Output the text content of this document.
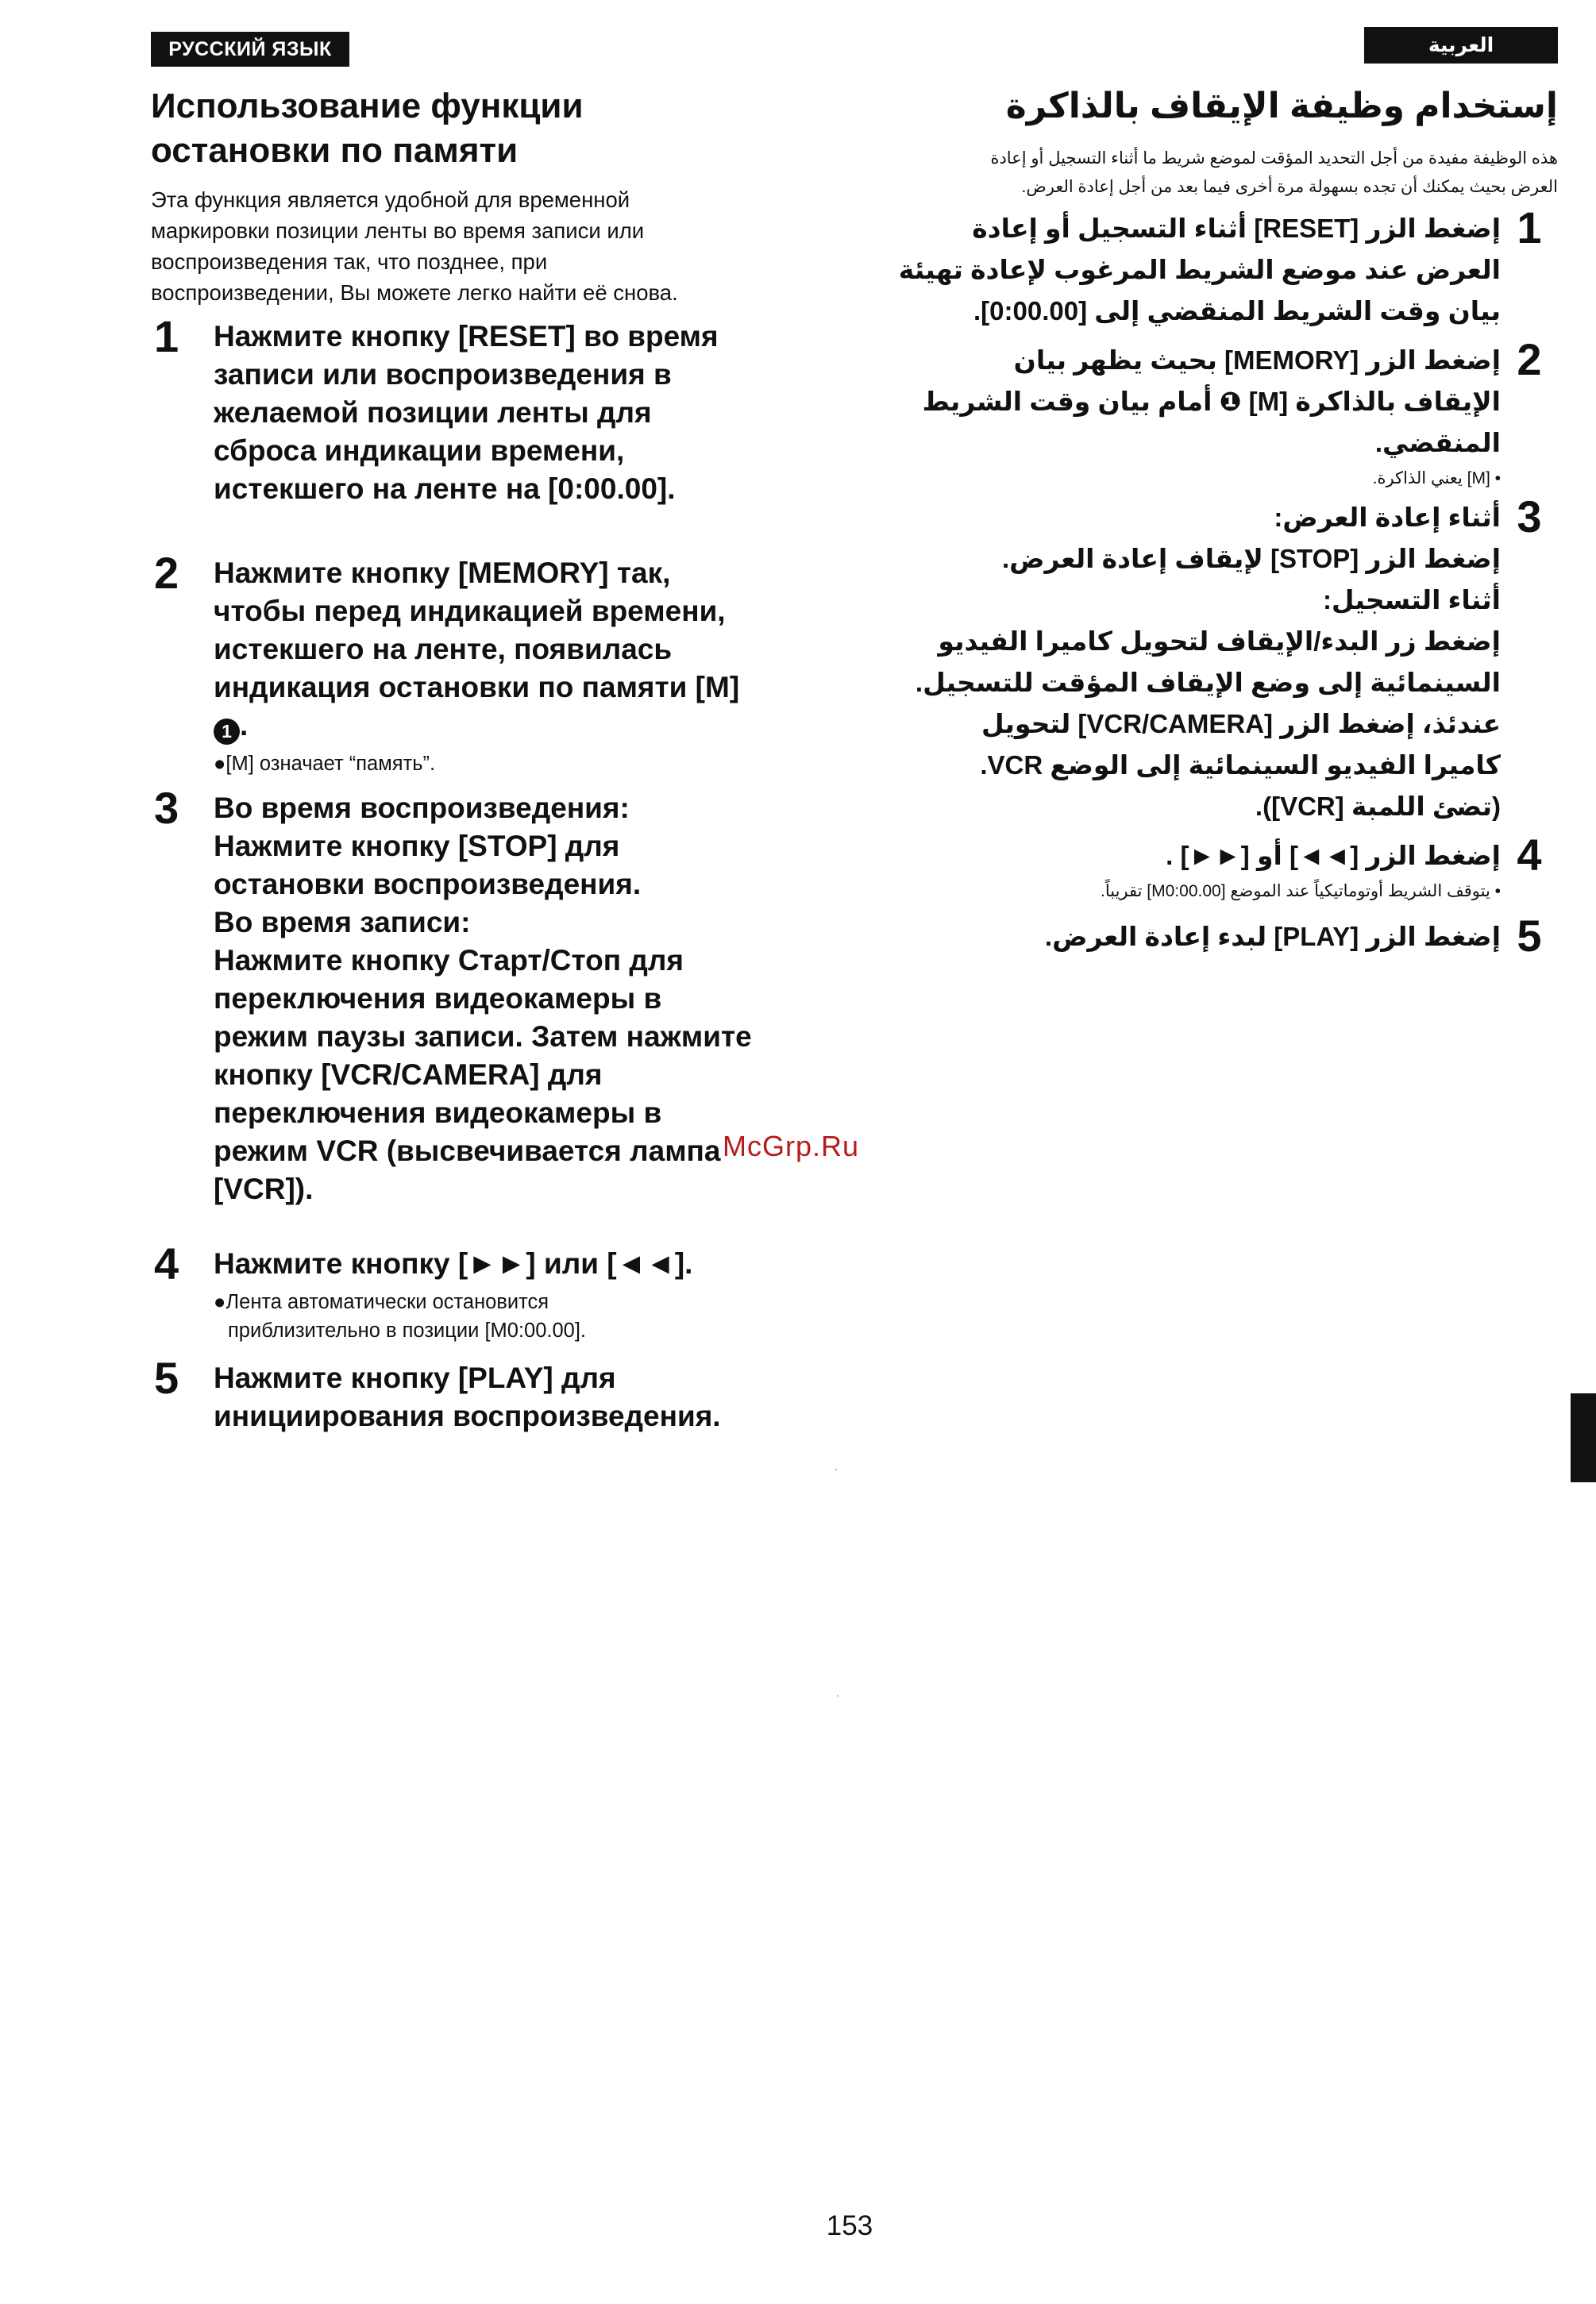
РУССКИЙ ЯЗЫК	العربية
Использование функции
остановки по памяти
Эта функция является удобной для временной
маркировки позиции ленты во время записи или
воспроизведения так, что позднее, при
воспроизведении, Вы можете легко найти её снова.
1	Нажмите кнопку [RESET] во время
записи или воспроизведения в
желаемой позиции ленты для
сброса индикации времени,
истекшего на ленте на [0:00.00].
2	Нажмите кнопку [MEMORY] так,
чтобы перед индикацией времени,
истекшего на ленте, появилась
индикация остановки по памяти [M]
1 .
●[M] означает “память”.
3	Во время воспроизведения:
Нажмите кнопку [STOP] для
остановки воспроизведения.
Во время записи:
Нажмите кнопку Старт/Стоп для
переключения видеокамеры в
режим паузы записи. Затем нажмите
кнопку [VCR/CAMERA] для
переключения видеокамеры в
режим VCR (высвечивается лампа
[VCR]).
4	Нажмите кнопку [►►] или [◄◄].
●Лента автоматически остановится
приблизительно в позиции [M0:00.00].
5	Нажмите кнопку [PLAY] для
инициирования воспроизведения.
إستخدام وظيفة الإيقاف بالذاكرة
هذه الوظيفة مفيدة من أجل التحديد المؤقت لموضع شريط ما أثناء التسجيل أو إعادة
العرض بحيث يمكنك أن تجده بسهولة مرة أخرى فيما بعد من أجل إعادة العرض.
1
إضغط الزر [RESET] أثناء التسجيل أو إعادة
العرض عند موضع الشريط المرغوب لإعادة تهيئة
بيان وقت الشريط المنقضي إلى [0:00.00].
2
إضغط الزر [MEMORY] بحيث يظهر بيان
الإيقاف بالذاكرة [M] ❶ أمام بيان وقت الشريط
المنقضي.
• [M] يعني الذاكرة.
3
أثناء إعادة العرض:
إضغط الزر [STOP] لإيقاف إعادة العرض.
أثناء التسجيل:
إضغط زر البدء/الإيقاف لتحويل كاميرا الفيديو
السينمائية إلى وضع الإيقاف المؤقت للتسجيل.
عندئذ، إضغط الزر [VCR/CAMERA] لتحويل
كاميرا الفيديو السينمائية إلى الوضع VCR.
(تضئ اللمبة [VCR]).
4
إضغط الزر [◄◄] أو [►►] .
• يتوقف الشريط أوتوماتيكياً عند الموضع [M0:00.00] تقريباً.
5
إضغط الزر [PLAY] لبدء إعادة العرض.
McGrp.Ru
153
